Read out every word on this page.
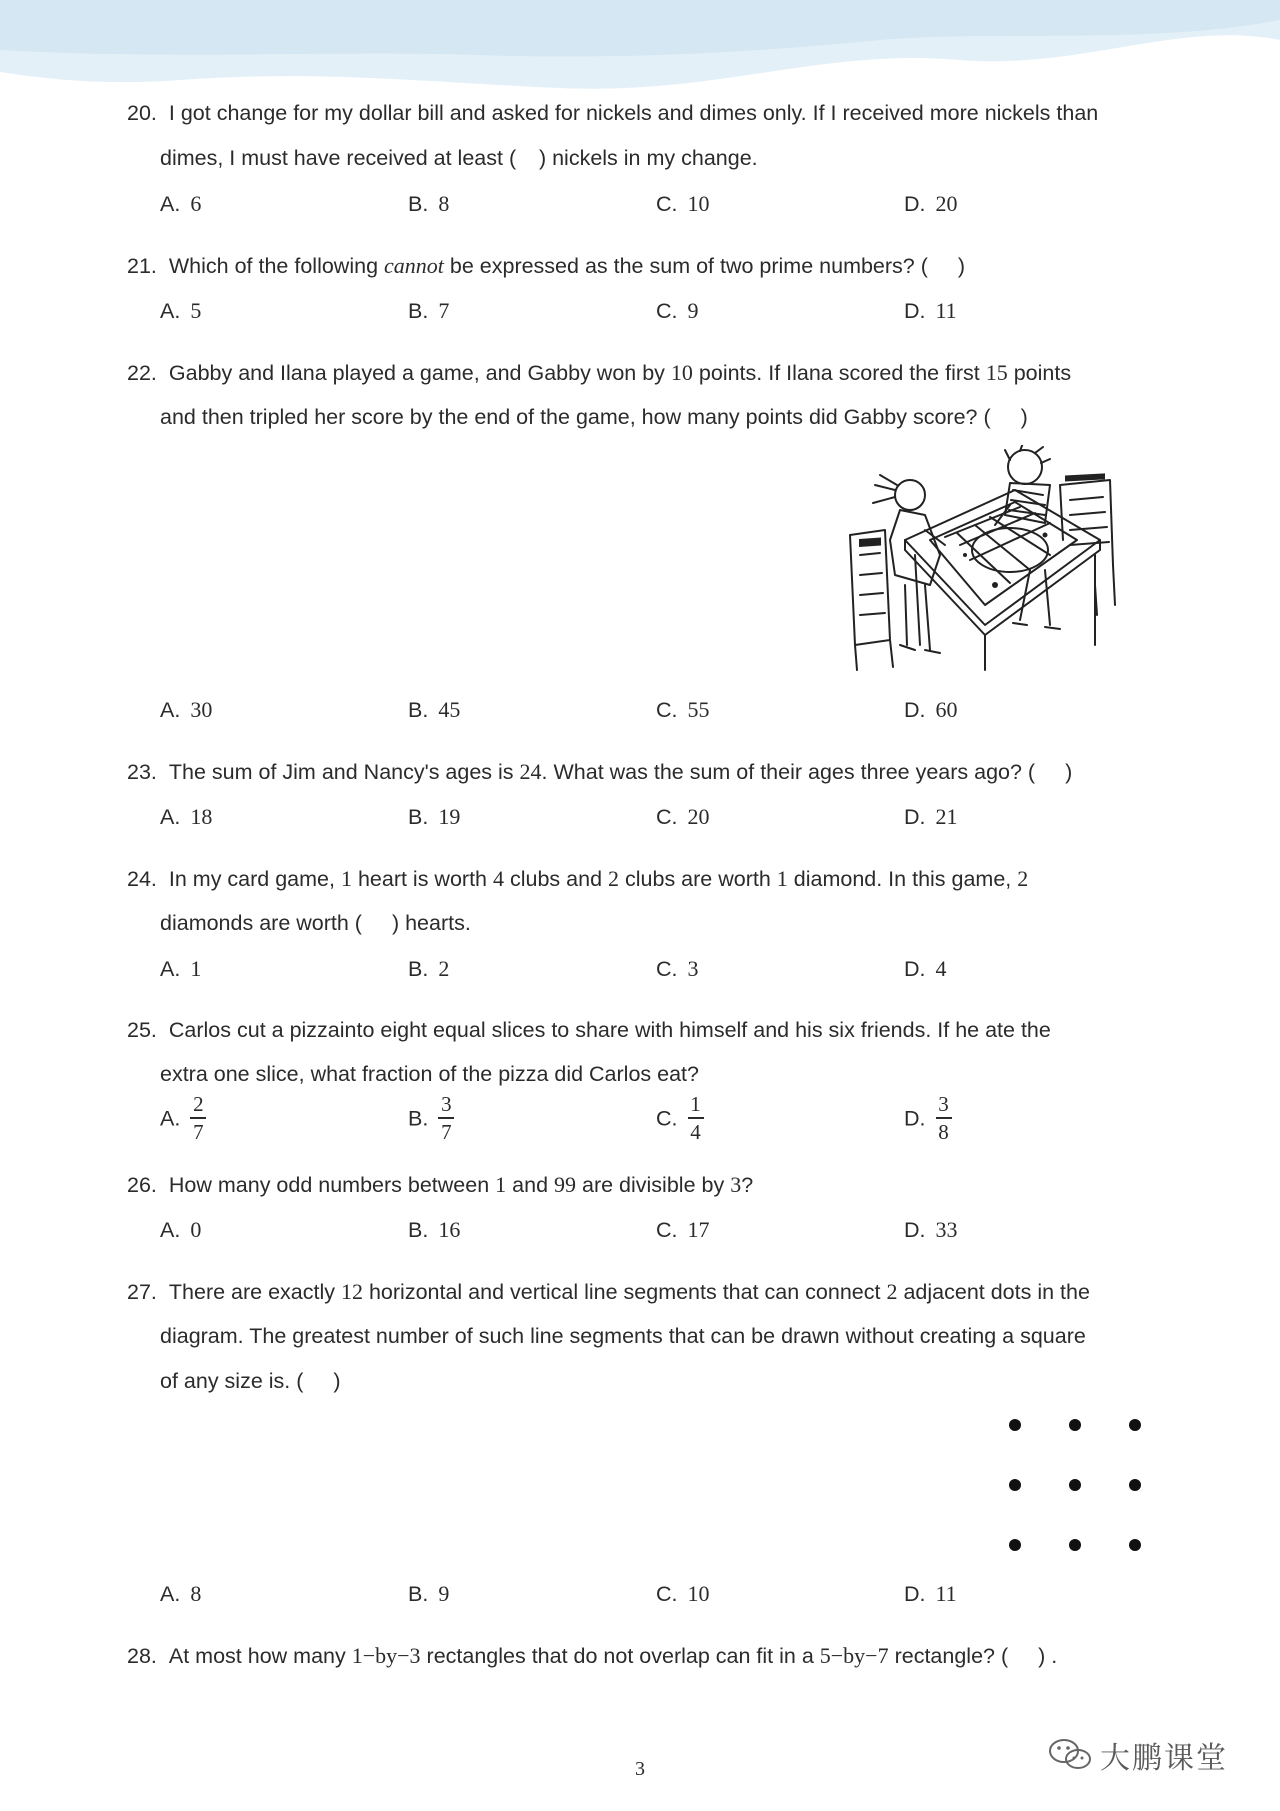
20. I got change for my dollar bill and asked for nickels and dimes only. If I received more nickels than
dimes, I must have received at least ( ) nickels in my change.
A. 6	B. 8	C. 10	D. 20
21. Which of the following cannot be expressed as the sum of two prime numbers? ( )
A. 5	B. 7	C. 9	D. 11
22. Gabby and Ilana played a game, and Gabby won by 10 points. If Ilana scored the first 15 points
and then tripled her score by the end of the game, how many points did Gabby score? ( )
A. 30	B. 45	C. 55	D. 60
23. The sum of Jim and Nancy's ages is 24. What was the sum of their ages three years ago? ( )
A. 18	B. 19	C. 20	D. 21
24. In my card game, 1 heart is worth 4 clubs and 2 clubs are worth 1 diamond. In this game, 2
diamonds are worth ( ) hearts.
A. 1	B. 2	C. 3	D. 4
25. Carlos cut a pizzainto eight equal slices to share with himself and his six friends. If he ate the
extra one slice, what fraction of the pizza did Carlos eat?
A. $\frac{2}{7}$	B. $\frac{3}{7}$	C. $\frac{1}{4}$	D. $\frac{3}{8}$
26. How many odd numbers between 1 and 99 are divisible by 3?
A. 0	B. 16	C. 17	D. 33
27. There are exactly 12 horizontal and vertical line segments that can connect 2 adjacent dots in the
diagram. The greatest number of such line segments that can be drawn without creating a square
of any size is. ( )
A. 8	B. 9	C. 10	D. 11
28. At most how many 1−by−3 rectangles that do not overlap can fit in a 5−by−7 rectangle? ( ) .
3	大鹏课堂
